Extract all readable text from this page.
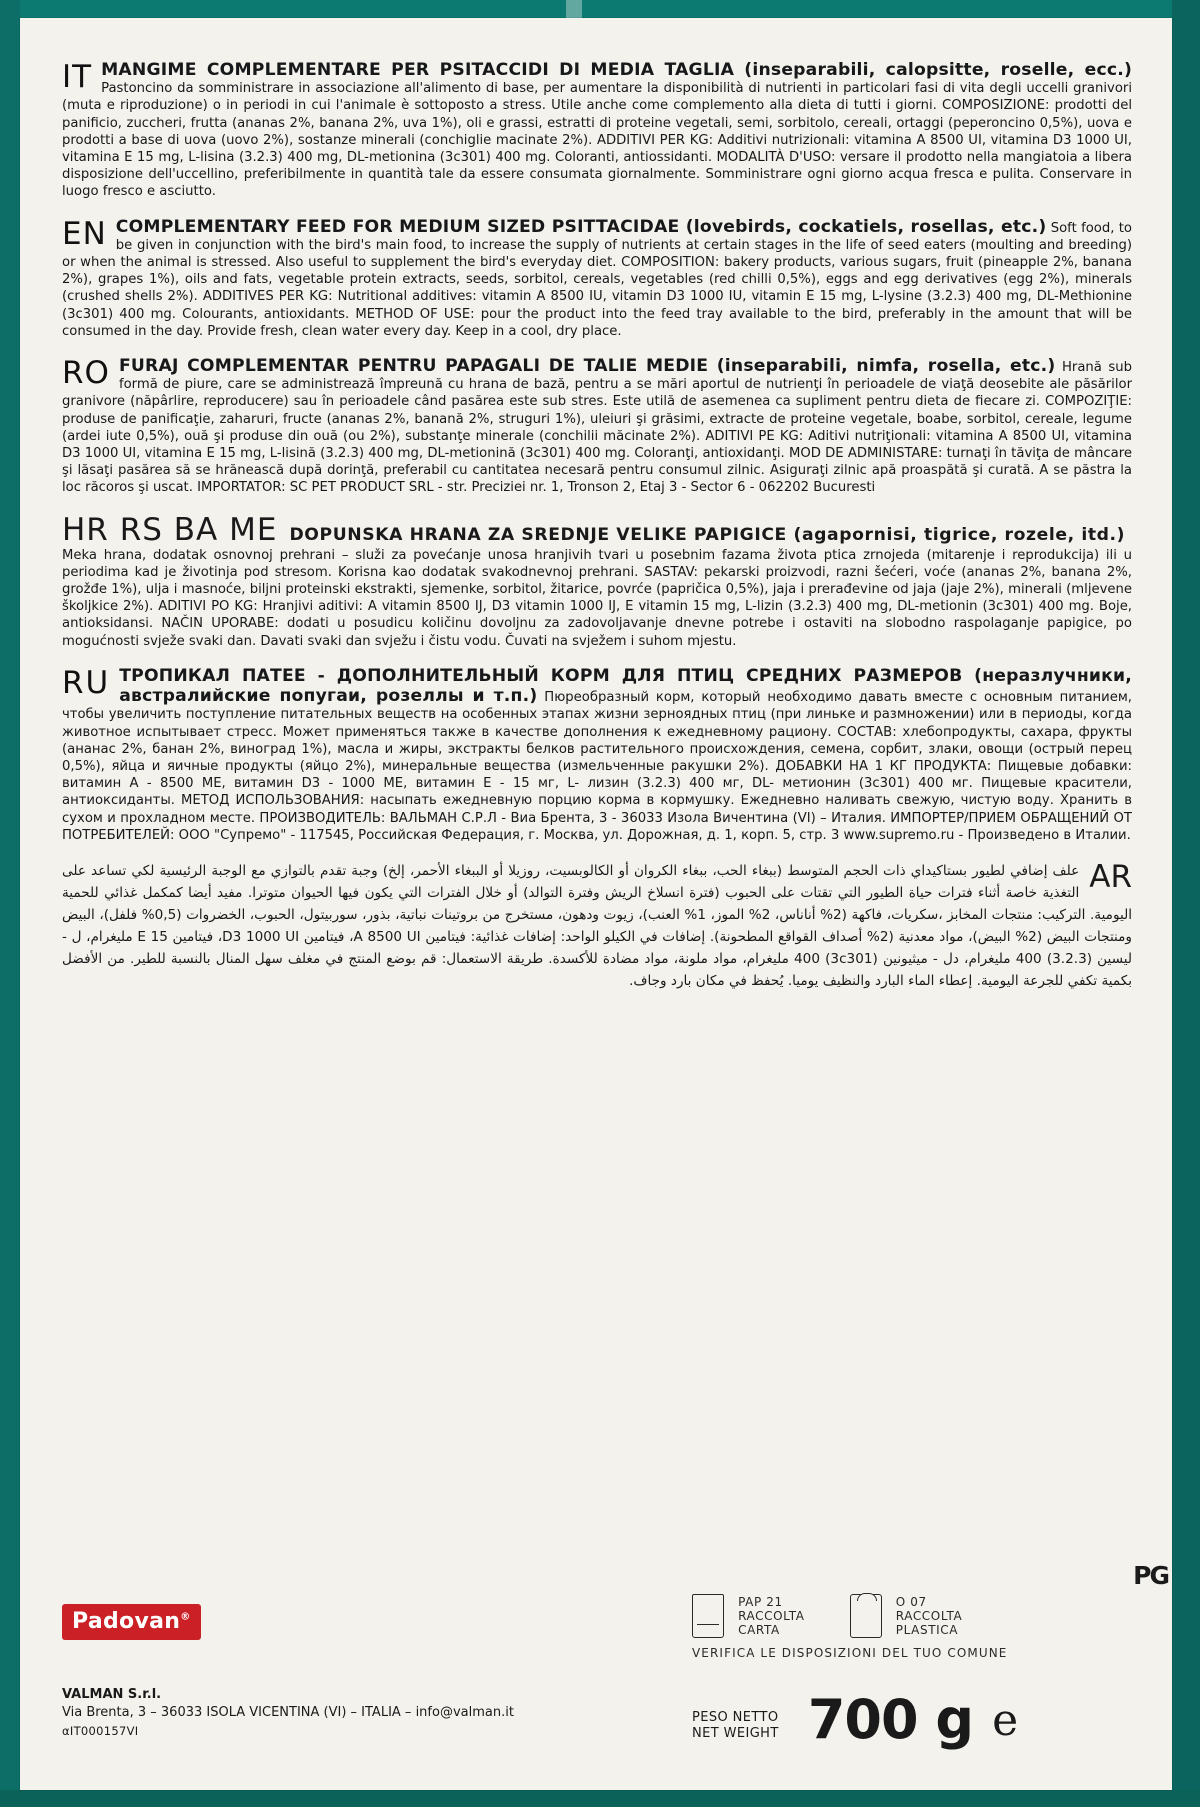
IT MANGIME COMPLEMENTARE PER PSITACCIDI DI MEDIA TAGLIA (inseparabili, calopsitte, roselle, ecc.) Pastoncino da somministrare in associazione all'alimento di base, per aumentare la disponibilità di nutrienti in particolari fasi di vita degli uccelli granivori (muta e riproduzione) o in periodi in cui l'animale è sottoposto a stress. Utile anche come complemento alla dieta di tutti i giorni. COMPOSIZIONE: prodotti del panificio, zuccheri, frutta (ananas 2%, banana 2%, uva 1%), oli e grassi, estratti di proteine vegetali, semi, sorbitolo, cereali, ortaggi (peperoncino 0,5%), uova e prodotti a base di uova (uovo 2%), sostanze minerali (conchiglie macinate 2%). ADDITIVI PER KG: Additivi nutrizionali: vitamina A 8500 UI, vitamina D3 1000 UI, vitamina E 15 mg, L-lisina (3.2.3) 400 mg, DL-metionina (3c301) 400 mg. Coloranti, antiossidanti. MODALITÀ D'USO: versare il prodotto nella mangiatoia a libera disposizione dell'uccellino, preferibilmente in quantità tale da essere consumata giornalmente. Somministrare ogni giorno acqua fresca e pulita. Conservare in luogo fresco e asciutto.
EN COMPLEMENTARY FEED FOR MEDIUM SIZED PSITTACIDAE (lovebirds, cockatiels, rosellas, etc.) Soft food, to be given in conjunction with the bird's main food, to increase the supply of nutrients at certain stages in the life of seed eaters (moulting and breeding) or when the animal is stressed. Also useful to supplement the bird's everyday diet. COMPOSITION: bakery products, various sugars, fruit (pineapple 2%, banana 2%), grapes 1%), oils and fats, vegetable protein extracts, seeds, sorbitol, cereals, vegetables (red chilli 0,5%), eggs and egg derivatives (egg 2%), minerals (crushed shells 2%). ADDITIVES PER KG: Nutritional additives: vitamin A 8500 IU, vitamin D3 1000 IU, vitamin E 15 mg, L-lysine (3.2.3) 400 mg, DL-Methionine (3c301) 400 mg. Colourants, antioxidants. METHOD OF USE: pour the product into the feed tray available to the bird, preferably in the amount that will be consumed in the day. Provide fresh, clean water every day. Keep in a cool, dry place.
RO FURAJ COMPLEMENTAR PENTRU PAPAGALI DE TALIE MEDIE (inseparabili, nimfa, rosella, etc.) Hrană sub formă de piure, care se administrează împreună cu hrana de bază, pentru a se mări aportul de nutrienţi în perioadele de viaţă deosebite ale păsărilor granivore (năpârlire, reproducere) sau în perioadele când pasărea este sub stres. Este utilă de asemenea ca supliment pentru dieta de fiecare zi. COMPOZIŢIE: produse de panificaţie, zaharuri, fructe (ananas 2%, banană 2%, struguri 1%), uleiuri şi grăsimi, extracte de proteine vegetale, boabe, sorbitol, cereale, legume (ardei iute 0,5%), ouă şi produse din ouă (ou 2%), substanţe minerale (conchilii măcinate 2%). ADITIVI PE KG: Aditivi nutriţionali: vitamina A 8500 UI, vitamina D3 1000 UI, vitamina E 15 mg, L-lisină (3.2.3) 400 mg, DL-metionină (3c301) 400 mg. Coloranţi, antioxidanţi. MOD DE ADMINISTARE: turnaţi în tăviţa de mâncare şi lăsaţi pasărea să se hrănească după dorinţă, preferabil cu cantitatea necesară pentru consumul zilnic. Asiguraţi zilnic apă proaspătă şi curată. A se păstra la loc răcoros şi uscat. IMPORTATOR: SC PET PRODUCT SRL - str. Preciziei nr. 1, Tronson 2, Etaj 3 - Sector 6 - 062202 Bucuresti
HR RS BA ME DOPUNSKA HRANA ZA SREDNJE VELIKE PAPIGICE (agapornisi, tigrice, rozele, itd.)
Meka hrana, dodatak osnovnoj prehrani – služi za povećanje unosa hranjivih tvari u posebnim fazama života ptica zrnojeda (mitarenje i reprodukcija) ili u periodima kad je životinja pod stresom. Korisna kao dodatak svakodnevnoj prehrani. SASTAV: pekarski proizvodi, razni šećeri, voće (ananas 2%, banana 2%, grožđe 1%), ulja i masnoće, biljni proteinski ekstrakti, sjemenke, sorbitol, žitarice, povrće (papričica 0,5%), jaja i prerađevine od jaja (jaje 2%), minerali (mljevene školjkice 2%). ADITIVI PO KG: Hranjivi aditivi: A vitamin 8500 IJ, D3 vitamin 1000 IJ, E vitamin 15 mg, L-lizin (3.2.3) 400 mg, DL-metionin (3c301) 400 mg. Boje, antioksidansi. NAČIN UPORABE: dodati u posudicu količinu dovoljnu za zadovoljavanje dnevne potrebe i ostaviti na slobodno raspolaganje papigice, po mogućnosti svježe svaki dan. Davati svaki dan svježu i čistu vodu. Čuvati na svježem i suhom mjestu.
RU ТРОПИКАЛ ПАТЕЕ - ДОПОЛНИТЕЛЬНЫЙ КОРМ ДЛЯ ПТИЦ СРЕДНИХ РАЗМЕРОВ (неразлучники, австралийские попугаи, розеллы и т.п.) Пюреобразный корм, который необходимо давать вместе с основным питанием, чтобы увеличить поступление питательных веществ на особенных этапах жизни зерноядных птиц (при линьке и размножении) или в периоды, когда животное испытывает стресс. Может применяться также в качестве дополнения к ежедневному рациону. СОСТАВ: хлебопродукты, сахара, фрукты (ананас 2%, банан 2%, виноград 1%), масла и жиры, экстракты белков растительного происхождения, семена, сорбит, злаки, овощи (острый перец 0,5%), яйца и яичные продукты (яйцо 2%), минеральные вещества (измельченные ракушки 2%). ДОБАВКИ НА 1 КГ ПРОДУКТА: Пищевые добавки: витамин А - 8500 МЕ, витамин D3 - 1000 МЕ, витамин Е - 15 мг, L- лизин (3.2.3) 400 мг, DL- метионин (3c301) 400 мг. Пищевые красители, антиоксиданты. МЕТОД ИСПОЛЬЗОВАНИЯ: насыпать ежедневную порцию корма в кормушку. Ежедневно наливать свежую, чистую воду. Хранить в сухом и прохладном месте. ПРОИЗВОДИТЕЛЬ: ВАЛЬМАН С.Р.Л - Виа Брента, 3 - 36033 Изола Вичентина (VI) – Италия. ИМПОРТЕР/ПРИЕМ ОБРАЩЕНИЙ ОТ ПОТРЕБИТЕЛЕЙ: ООО "Супремо" - 117545, Российская Федерация, г. Москва, ул. Дорожная, д. 1, корп. 5, стр. 3 www.supremo.ru - Произведено в Италии.
AR
علف إضافي لطيور بستاكيداي ذات الحجم المتوسط (ببغاء الحب، ببغاء الكروان أو الكالوبسيت، روزيلا أو الببغاء الأحمر، إلخ) وجبة تقدم بالتوازي مع الوجبة الرئيسية لكي تساعد على التغذية خاصة أثناء فترات حياة الطيور التي تقتات على الحبوب (فترة انسلاخ الريش وفترة التوالد) أو خلال الفترات التي يكون فيها الحيوان متوترا. مفيد أيضا كمكمل غذائي للحمية اليومية. التركيب: منتجات المخابز ،سكريات، فاكهة (2% أناناس، 2% الموز، 1% العنب)، زيوت ودهون، مستخرج من بروتينات نباتية، بذور، سوربيتول، الحبوب، الخضروات (0,5% فلفل)، البيض ومنتجات البيض (2% البيض)، مواد معدنية (2% أصداف القواقع المطحونة). إضافات في الكيلو الواحد: إضافات غذائية: فيتامين A 8500 UI، فيتامين D3 1000 UI، فيتامين E 15 مليغرام، ل - ليسين (3.2.3) 400 مليغرام، دل - ميثيونين (3c301) 400 مليغرام، مواد ملونة، مواد مضادة للأكسدة. طريقة الاستعمال: قم بوضع المنتج في مغلف سهل المنال بالنسبة للطير. من الأفضل بكمية تكفي للجرعة اليومية. إعطاء الماء البارد والنظيف يوميا. يُحفظ في مكان بارد وجاف.
PG
Padovan®
VALMAN S.r.l.
Via Brenta, 3 – 36033 ISOLA VICENTINA (VI) – ITALIA – info@valman.it
αIT000157VI

PAP 21
RACCOLTA
CARTA

O 07
RACCOLTA
PLASTICA
VERIFICA LE DISPOSIZIONI DEL TUO COMUNE
PESO NETTO
NET WEIGHT 700 g e
